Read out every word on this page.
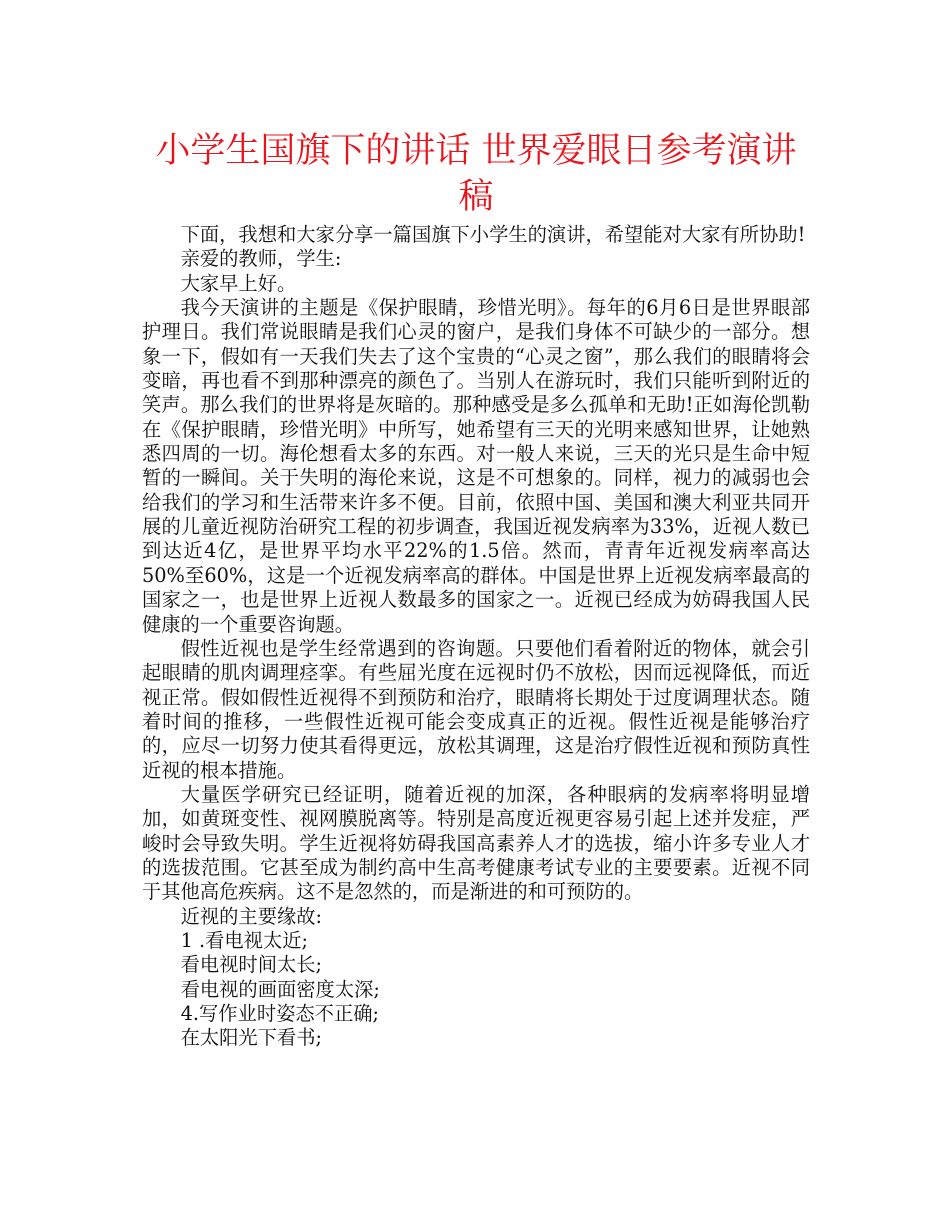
小学生国旗下的讲话 世界爱眼日参考演讲稿

下面，我想和大家分享一篇国旗下小学生的演讲，希望能对大家有所协助!

亲爱的教师，学生:

大家早上好。

我今天演讲的主题是《保护眼睛，珍惜光明》。每年的6月6日是世界眼部护理日。我们常说眼睛是我们心灵的窗户，是我们身体不可缺少的一部分。想象一下，假如有一天我们失去了这个宝贵的“心灵之窗”，那么我们的眼睛将会变暗，再也看不到那种漂亮的颜色了。当别人在游玩时，我们只能听到附近的笑声。那么我们的世界将是灰暗的。那种感受是多么孤单和无助!正如海伦凯勒在《保护眼睛，珍惜光明》中所写，她希望有三天的光明来感知世界，让她熟悉四周的一切。海伦想看太多的东西。对一般人来说，三天的光只是生命中短暂的一瞬间。关于失明的海伦来说，这是不可想象的。同样，视力的减弱也会给我们的学习和生活带来许多不便。目前，依照中国、美国和澳大利亚共同开展的儿童近视防治研究工程的初步调查，我国近视发病率为33%，近视人数已到达近4亿，是世界平均水平22%的1.5倍。然而，青青年近视发病率高达50%至60%，这是一个近视发病率高的群体。中国是世界上近视发病率最高的国家之一，也是世界上近视人数最多的国家之一。近视已经成为妨碍我国人民健康的一个重要咨询题。

假性近视也是学生经常遇到的咨询题。只要他们看着附近的物体，就会引起眼睛的肌肉调理痉挛。有些屈光度在远视时仍不放松，因而远视降低，而近视正常。假如假性近视得不到预防和治疗，眼睛将长期处于过度调理状态。随着时间的推移，一些假性近视可能会变成真正的近视。假性近视是能够治疗的，应尽一切努力使其看得更远，放松其调理，这是治疗假性近视和预防真性近视的根本措施。

大量医学研究已经证明，随着近视的加深，各种眼病的发病率将明显增加，如黄斑变性、视网膜脱离等。特别是高度近视更容易引起上述并发症，严峻时会导致失明。学生近视将妨碍我国高素养人才的选拔，缩小许多专业人才的选拔范围。它甚至成为制约高中生高考健康考试专业的主要要素。近视不同于其他高危疾病。这不是忽然的，而是渐进的和可预防的。

近视的主要缘故:

1 .看电视太近;

看电视时间太长;

看电视的画面密度太深;

4.写作业时姿态不正确;

在太阳光下看书;
